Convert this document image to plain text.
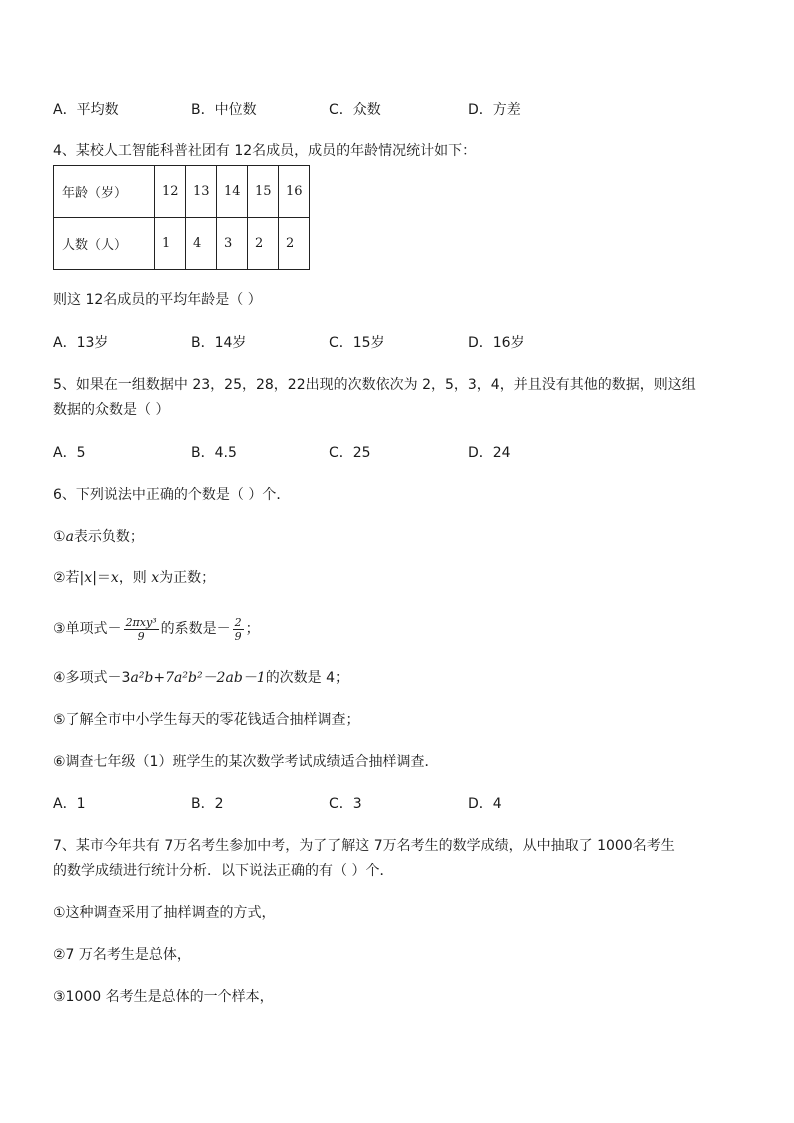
A．平均数	B．中位数	C．众数	D．方差
4、某校人工智能科普社团有 12名成员，成员的年龄情况统计如下：
年龄（岁）	12	13	14	15	16
人数（人）	1	4	3	2	2
则这 12名成员的平均年龄是（ ）
A．13岁	B．14岁	C．15岁	D．16岁
5、如果在一组数据中 23，25，28，22出现的次数依次为 2，5，3，4，并且没有其他的数据，则这组
数据的众数是（ ）
A．5	B．4.5	C．25	D．24
6、下列说法中正确的个数是（ ）个．
①a表示负数；
②若|x|＝x，则 x为正数；
③单项式－ $\frac{\text{2πxy³}}{9}$ 的系数是－ $\frac{2}{9}$ ；
④多项式－3a²b+7a²b²－2ab－1的次数是 4；
⑤了解全市中小学生每天的零花钱适合抽样调查；
⑥调查七年级（1）班学生的某次数学考试成绩适合抽样调查．
A．1	B．2	C．3	D．4
7、某市今年共有 7万名考生参加中考，为了了解这 7万名考生的数学成绩，从中抽取了 1000名考生
的数学成绩进行统计分析．以下说法正确的有（ ）个．
①这种调查采用了抽样调查的方式，
②7 万名考生是总体，
③1000 名考生是总体的一个样本，
